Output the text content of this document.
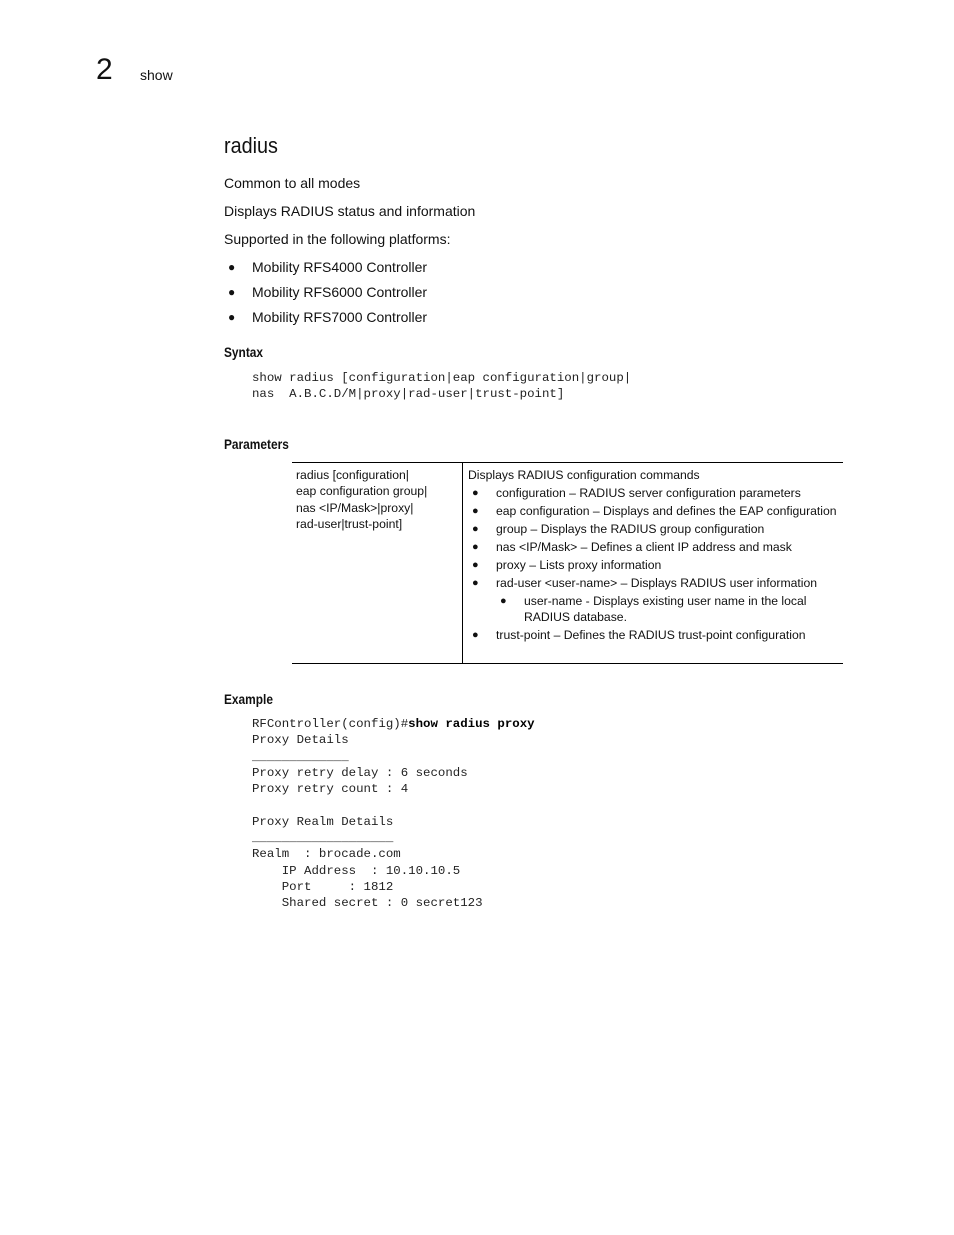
2 show
radius
Common to all modes
Displays RADIUS status and information
Supported in the following platforms:
● Mobility RFS4000 Controller
● Mobility RFS6000 Controller
● Mobility RFS7000 Controller
Syntax
show radius [configuration|eap configuration|group|
nas  A.B.C.D/M|proxy|rad-user|trust-point]
Parameters
radius [configuration|
eap configuration group|
nas <IP/Mask>|proxy|
rad-user|trust-point]
Displays RADIUS configuration commands
● configuration – RADIUS server configuration parameters
● eap configuration – Displays and defines the EAP configuration
● group – Displays the RADIUS group configuration
● nas <IP/Mask> – Defines a client IP address and mask
● proxy – Lists proxy information
● rad-user <user-name> – Displays RADIUS user information
● user-name - Displays existing user name in the local RADIUS database.
● trust-point – Defines the RADIUS trust-point configuration
Example
RFController(config)#show radius proxy
Proxy Details
_____________
Proxy retry delay : 6 seconds
Proxy retry count : 4

Proxy Realm Details
___________________
Realm  : brocade.com
IP Address  : 10.10.10.5
Port     : 1812
Shared secret : 0 secret123
